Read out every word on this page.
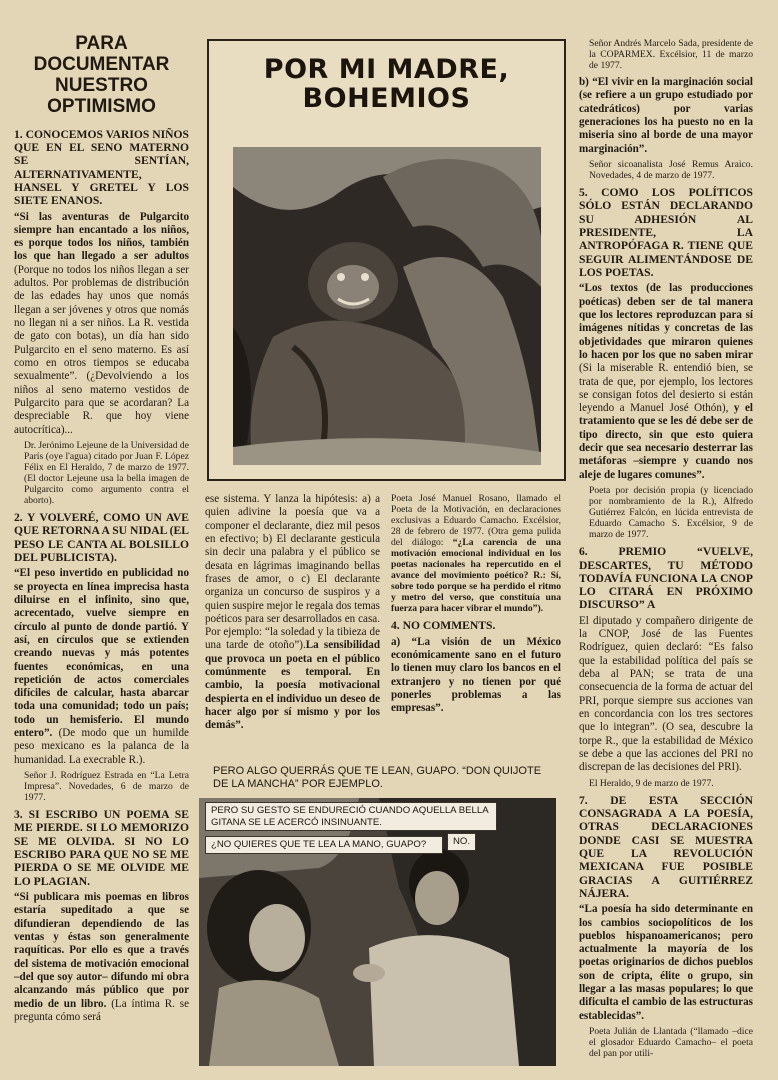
PARA DOCUMENTAR NUESTRO OPTIMISMO
1. CONOCEMOS VARIOS NIÑOS QUE EN EL SENO MATERNO SE SENTÍAN, ALTERNATIVAMENTE, HANSEL Y GRETEL Y LOS SIETE ENANOS.

“Si las aventuras de Pulgarcito siempre han encantado a los niños, es porque todos los niños, también los que han llegado a ser adultos (Porque no todos los niños llegan a ser adultos. Por problemas de distribución de las edades hay unos que nomás llegan a ser jóvenes y otros que nomás no llegan ni a ser niños. La R. vestida de gato con botas), un día han sido Pulgarcito en el seno materno. Es así como en otros tiempos se educaba sexualmente”. (¿Devolviendo a los niños al seno materno vestidos de Pulgarcito para que se acordaran? La despreciable R. que hoy viene autocrítica)...

Dr. Jerónimo Lejeune de la Universidad de París (oye l'agua) citado por Juan F. López Félix en El Heraldo, 7 de marzo de 1977. (El doctor Lejeune usa la bella imagen de Pulgarcito como argumento contra el aborto).
2. Y VOLVERÉ, COMO UN AVE QUE RETORNA A SU NIDAL (EL PESO LE CANTA AL BOLSILLO DEL PUBLICISTA).

“El peso invertido en publicidad no se proyecta en línea imprecisa hasta diluirse en el infinito, sino que, acrecentado, vuelve siempre en círculo al punto de donde partió. Y así, en círculos que se extienden creando nuevas y más potentes fuentes económicas, en una repetición de actos comerciales difíciles de calcular, hasta abarcar toda una comunidad; todo un país; todo un hemisferio. El mundo entero”. (De modo que un humilde peso mexicano es la palanca de la humanidad. La execrable R.).

Señor J. Rodríguez Estrada en “La Letra Impresa”. Novedades, 6 de marzo de 1977.
3. SI ESCRIBO UN POEMA SE ME PIERDE. SI LO MEMORIZO SE ME OLVIDA. SI NO LO ESCRIBO PARA QUE NO SE ME PIERDA O SE ME OLVIDE ME LO PLAGIAN.

“Si publicara mis poemas en libros estaría supeditado a que se difundieran dependiendo de las ventas y éstas son generalmente raquíticas. Por ello es que a través del sistema de motivación emocional –del que soy autor– difundo mi obra alcanzando más público que por medio de un libro. (La íntima R. se pregunta cómo será

POR MI MADRE,
BOHEMIOS

ese sistema. Y lanza la hipótesis: a) a quien adivine la poesía que va a componer el declarante, diez mil pesos en efectivo; b) El declarante gesticula sin decir una palabra y el público se desata en lágrimas imaginando bellas frases de amor, o c) El declarante organiza un concurso de suspiros y a quien suspire mejor le regala dos temas poéticos para ser desarrollados en casa. Por ejemplo: “la soledad y la tibieza de una tarde de otoño”).La sensibilidad que provoca un poeta en el público comúnmente es temporal. En cambio, la poesía motivacional despierta en el individuo un deseo de hacer algo por sí mismo y por los demás”.

Poeta José Manuel Rosano, llamado el Poeta de la Motivación, en declaraciones exclusivas a Eduardo Camacho. Excélsior, 28 de febrero de 1977. (Otra gema pulida del diálogo: “¿La carencia de una motivación emocional individual en los poetas nacionales ha repercutido en el avance del movimiento poético? R.: Sí, sobre todo porque se ha perdido el ritmo y metro del verso, que constituía una fuerza para hacer vibrar el mundo”).
4. NO COMMENTS.

a) “La visión de un México económicamente sano en el futuro lo tienen muy claro los bancos en el extranjero y no tienen por qué ponerles problemas a las empresas”.

PERO ALGO QUERRÁS QUE TE LEAN, GUAPO. “DON QUIJOTE DE LA MANCHA” POR EJEMPLO.
PERO SU GESTO SE ENDURECIÓ CUANDO AQUELLA BELLA GITANA SE LE ACERCÓ INSINUANTE.
¿NO QUIERES QUE TE LEA LA MANO, GUAPO?	NO.
Señor Andrés Marcelo Sada, presidente de la COPARMEX. Excélsior, 11 de marzo de 1977.

b) “El vivir en la marginación social (se refiere a un grupo estudiado por catedráticos) por varias generaciones los ha puesto no en la miseria sino al borde de una mayor marginación”.

Señor sicoanalista José Remus Araico. Novedades, 4 de marzo de 1977.
5. COMO LOS POLÍTICOS SÓLO ESTÁN DECLARANDO SU ADHESIÓN AL PRESIDENTE, LA ANTROPÓFAGA R. TIENE QUE SEGUIR ALIMENTÁNDOSE DE LOS POETAS.

“Los textos (de las producciones poéticas) deben ser de tal manera que los lectores reproduzcan para sí imágenes nítidas y concretas de las objetividades que miraron quienes lo hacen por los que no saben mirar (Si la miserable R. entendió bien, se trata de que, por ejemplo, los lectores se consigan fotos del desierto si están leyendo a Manuel José Othón), y el tratamiento que se les dé debe ser de tipo directo, sin que esto quiera decir que sea necesario desterrar las metáforas –siempre y cuando nos aleje de lugares comunes”.

Poeta por decisión propia (y licenciado por nombramiento de la R.), Alfredo Gutiérrez Falcón, en lúcida entrevista de Eduardo Camacho S. Excélsior, 9 de marzo de 1977.
6. PREMIO “VUELVE, DESCARTES, TU MÉTODO TODAVÍA FUNCIONA LA CNOP LO CITARÁ EN PRÓXIMO DISCURSO” A

El diputado y compañero dirigente de la CNOP, José de las Fuentes Rodríguez, quien declaró: “Es falso que la estabilidad política del país se deba al PAN; se trata de una consecuencia de la forma de actuar del PRI, porque siempre sus acciones van en concordancia con los tres sectores que lo integran”. (O sea, descubre la torpe R., que la estabilidad de México se debe a que las acciones del PRI no discrepan de las decisiones del PRI).

El Heraldo, 9 de marzo de 1977.
7. DE ESTA SECCIÓN CONSAGRADA A LA POESÍA, OTRAS DECLARACIONES DONDE CASI SE MUESTRA QUE LA REVOLUCIÓN MEXICANA FUE POSIBLE GRACIAS A GUITIÉRREZ NÁJERA.

“La poesía ha sido determinante en los cambios sociopolíticos de los pueblos hispanoamericanos; pero actualmente la mayoría de los poetas originarios de dichos pueblos son de cripta, élite o grupo, sin llegar a las masas populares; lo que dificulta el cambio de las estructuras establecidas”.

Poeta Julián de Llantada (“llamado –dice el glosador Eduardo Camacho– el poeta del pan por utili-
